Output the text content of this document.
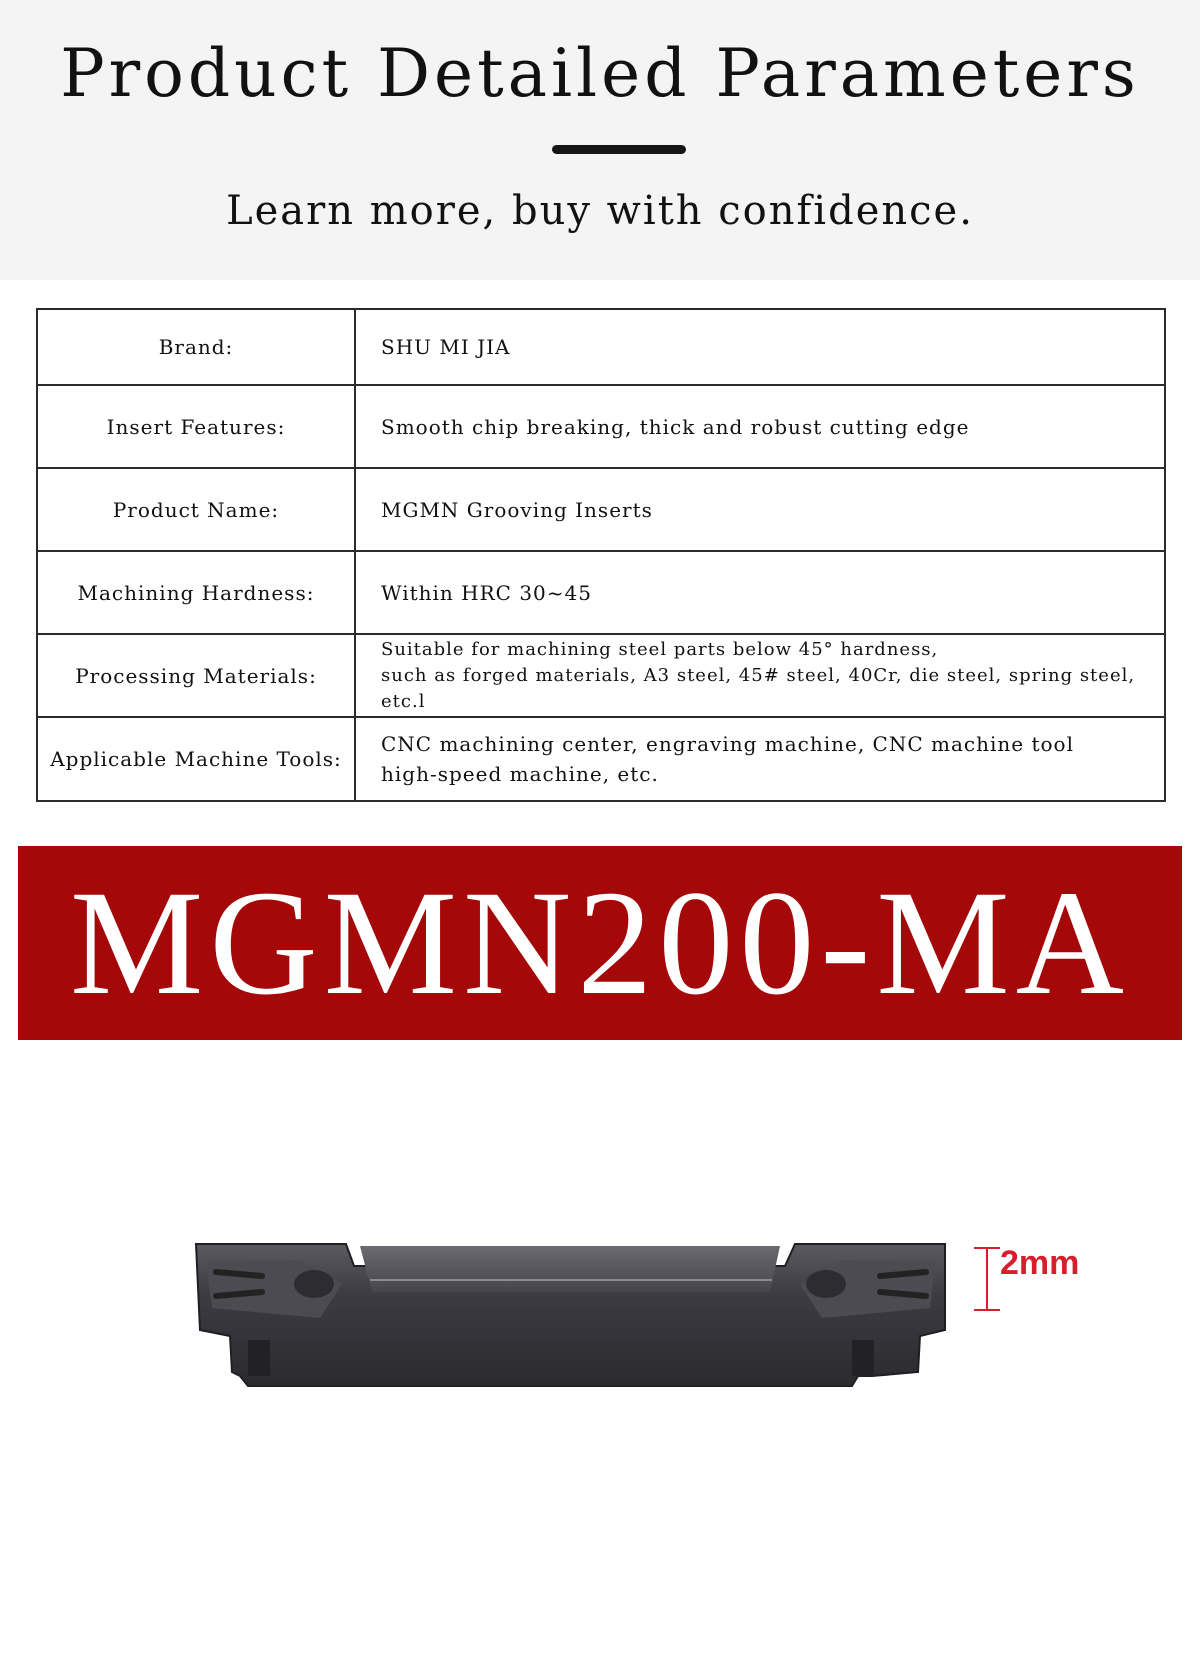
Product Detailed Parameters
Learn more, buy with confidence.
Brand:	SHU MI JIA
Insert Features:	Smooth chip breaking, thick and robust cutting edge
Product Name:	MGMN Grooving Inserts
Machining Hardness:	Within HRC 30~45
Processing Materials:	Suitable for machining steel parts below 45° hardness,
such as forged materials, A3 steel, 45# steel, 40Cr, die steel, spring steel, etc.l

Applicable Machine Tools:	CNC machining center, engraving machine, CNC machine tool
high-speed machine, etc.
MGMN200-MA
2mm
